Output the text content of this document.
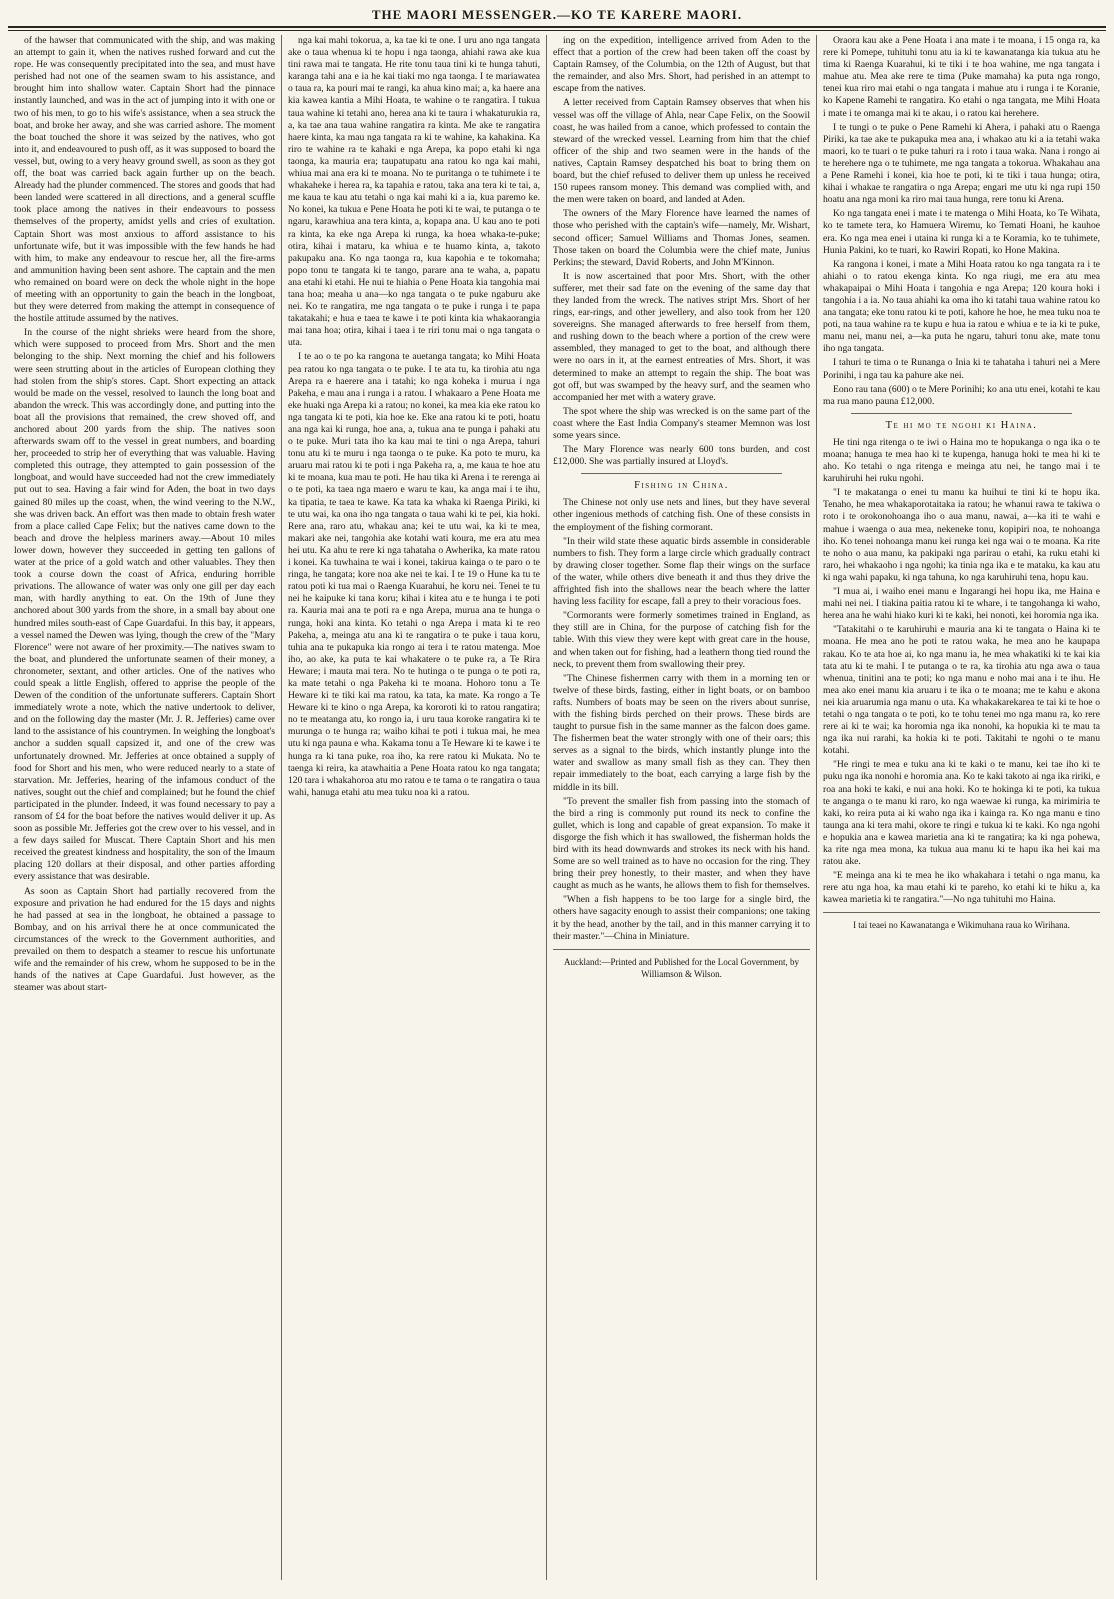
THE MAORI MESSENGER.—KO TE KARERE MAORI.

of the hawser that communicated with the ship, and was making an attempt to gain it, when the natives rushed forward and cut the rope. He was consequently precipitated into the sea, and must have perished had not one of the seamen swam to his assistance, and brought him into shallow water. Captain Short had the pinnace instantly launched, and was in the act of jumping into it with one or two of his men, to go to his wife's assistance, when a sea struck the boat, and broke her away, and she was carried ashore. The moment the boat touched the shore it was seized by the natives, who got into it, and endeavoured to push off, as it was supposed to board the vessel, but, owing to a very heavy ground swell, as soon as they got off, the boat was carried back again further up on the beach. Already had the plunder commenced. The stores and goods that had been landed were scattered in all directions, and a general scuffle took place among the natives in their endeavours to possess themselves of the property, amidst yells and cries of exultation. Captain Short was most anxious to afford assistance to his unfortunate wife, but it was impossible with the few hands he had with him, to make any endeavour to rescue her, all the fire-arms and ammunition having been sent ashore. The captain and the men who remained on board were on deck the whole night in the hope of meeting with an opportunity to gain the beach in the longboat, but they were deterred from making the attempt in consequence of the hostile attitude assumed by the natives.

In the course of the night shrieks were heard from the shore, which were supposed to proceed from Mrs. Short and the men belonging to the ship. Next morning the chief and his followers were seen strutting about in the articles of European clothing they had stolen from the ship's stores. Capt. Short expecting an attack would be made on the vessel, resolved to launch the long boat and abandon the wreck. This was accordingly done, and putting into the boat all the provisions that remained, the crew shoved off, and anchored about 200 yards from the ship. The natives soon afterwards swam off to the vessel in great numbers, and boarding her, proceeded to strip her of everything that was valuable. Having completed this outrage, they attempted to gain possession of the longboat, and would have succeeded had not the crew immediately put out to sea. Having a fair wind for Aden, the boat in two days gained 80 miles up the coast, when, the wind veering to the N.W., she was driven back. An effort was then made to obtain fresh water from a place called Cape Felix; but the natives came down to the beach and drove the helpless mariners away.—About 10 miles lower down, however they succeeded in getting ten gallons of water at the price of a gold watch and other valuables. They then took a course down the coast of Africa, enduring horrible privations. The allowance of water was only one gill per day each man, with hardly anything to eat. On the 19th of June they anchored about 300 yards from the shore, in a small bay about one hundred miles south-east of Cape Guardafui. In this bay, it appears, a vessel named the Dewen was lying, though the crew of the "Mary Florence" were not aware of her proximity.—The natives swam to the boat, and plundered the unfortunate seamen of their money, a chronometer, sextant, and other articles. One of the natives who could speak a little English, offered to apprise the people of the Dewen of the condition of the unfortunate sufferers. Captain Short immediately wrote a note, which the native undertook to deliver, and on the following day the master (Mr. J. R. Jefferies) came over land to the assistance of his countrymen. In weighing the longboat's anchor a sudden squall capsized it, and one of the crew was unfortunately drowned. Mr. Jefferies at once obtained a supply of food for Short and his men, who were reduced nearly to a state of starvation. Mr. Jefferies, hearing of the infamous conduct of the natives, sought out the chief and complained; but he found the chief participated in the plunder. Indeed, it was found necessary to pay a ransom of £4 for the boat before the natives would deliver it up. As soon as possible Mr. Jefferies got the crew over to his vessel, and in a few days sailed for Muscat. There Captain Short and his men received the greatest kindness and hospitality, the son of the Imaum placing 120 dollars at their disposal, and other parties affording every assistance that was desirable.

As soon as Captain Short had partially recovered from the exposure and privation he had endured for the 15 days and nights he had passed at sea in the longboat, he obtained a passage to Bombay, and on his arrival there he at once communicated the circumstances of the wreck to the Government authorities, and prevailed on them to despatch a steamer to rescue his unfortunate wife and the remainder of his crew, whom he supposed to be in the hands of the natives at Cape Guardafui. Just however, as the steamer was about start-

nga kai mahi tokorua, a, ka tae ki te one. I uru ano nga tangata ake o taua whenua ki te hopu i nga taonga, ahiahi rawa ake kua tini rawa mai te tangata. He rite tonu taua tini ki te hunga tahuti, karanga tahi ana e ia he kai tiaki mo nga taonga. I te mariawatea o taua ra, ka pouri mai te rangi, ka ahua kino mai; a, ka haere ana kia kawea kantia a Mihi Hoata, te wahine o te rangatira. I tukua taua wahine ki tetahi ano, herea ana ki te taura i whakaturukia ra, a, ka tae ana taua wahine rangatira ra kinta. Me ake te rangatira haere kinta, ka mau nga tangata ra ki te wahine, ka kahakina. Ka riro te wahine ra te kahaki e nga Arepa, ka popo etahi ki nga taonga, ka mauria era; taupatupatu ana ratou ko nga kai mahi, whiua mai ana era ki te moana. No te puritanga o te tuhimete i te whakaheke i herea ra, ka tapahia e ratou, taka ana tera ki te tai, a, me kaua te kau atu tetahi o nga kai mahi ki a ia, kua paremo ke. No konei, ka tukua e Pene Hoata he poti ki te wai, te putanga o te ngaru, karawhiua ana tera kinta, a, kopapa ana. U kau ano te poti ra kinta, ka eke nga Arepa ki runga, ka hoea whaka-te-puke; otira, kihai i mataru, ka whiua e te huamo kinta, a, takoto pakupaku ana. Ko nga taonga ra, kua kapohia e te tokomaha; popo tonu te tangata ki te tango, parare ana te waha, a, papatu ana etahi ki etahi. He nui te hiahia o Pene Hoata kia tangohia mai tana hoa; meaha u ana—ko nga tangata o te puke ngaburu ake nei. Ko te rangatira, me nga tangata o te puke i runga i te papa takatakahi; e hua e taea te kawe i te poti kinta kia whakaorangia mai tana hoa; otira, kihai i taea i te riri tonu mai o nga tangata o uta.

I te ao o te po ka rangona te auetanga tangata; ko Mihi Hoata pea ratou ko nga tangata o te puke. I te ata tu, ka tirohia atu nga Arepa ra e haerere ana i tatahi; ko nga koheka i murua i nga Pakeha, e mau ana i runga i a ratou. I whakaaro a Pene Hoata me eke huaki nga Arepa ki a ratou; no konei, ka mea kia eke ratou ko nga tangata ki te poti, kia hoe ke. Eke ana ratou ki te poti, hoatu ana nga kai ki runga, hoe ana, a, tukua ana te punga i pahaki atu o te puke. Muri tata iho ka kau mai te tini o nga Arepa, tahuri tonu atu ki te muru i nga taonga o te puke. Ka poto te muru, ka aruaru mai ratou ki te poti i nga Pakeha ra, a, me kaua te hoe atu ki te moana, kua mau te poti. He hau tika ki Arena i te rerenga ai o te poti, ka taea nga maero e waru te kau, ka anga mai i te ihu, ka tipatia, te taea te kawe. Ka tata ka whaka ki Raenga Piriki, ki te utu wai, ka ona iho nga tangata o taua wahi ki te pei, kia hoki. Rere ana, raro atu, whakau ana; kei te utu wai, ka ki te mea, makari ake nei, tangohia ake kotahi wati koura, me era atu mea hei utu. Ka ahu te rere ki nga tahataha o Awherika, ka mate ratou i konei. Ka tuwhaina te wai i konei, takirua kainga o te paro o te ringa, he tangata; kore noa ake nei te kai. I te 19 o Hune ka tu te ratou poti ki tua mai o Raenga Kuarahui, he koru nei. Tenei te tu nei he kaipuke ki tana koru; kihai i kitea atu e te hunga i te poti ra. Kauria mai ana te poti ra e nga Arepa, murua ana te hunga o runga, hoki ana kinta. Ko tetahi o nga Arepa i mata ki te reo Pakeha, a, meinga atu ana ki te rangatira o te puke i taua koru, tuhia ana te pukapuka kia rongo ai tera i te ratou matenga. Moe iho, ao ake, ka puta te kai whakatere o te puke ra, a Te Rira Heware; i mauta mai tera. No te hutinga o te punga o te poti ra, ka mate tetahi o nga Pakeha ki te moana. Hohoro tonu a Te Heware ki te tiki kai ma ratou, ka tata, ka mate. Ka rongo a Te Heware ki te kino o nga Arepa, ka kororoti ki to ratou rangatira; no te meatanga atu, ko rongo ia, i uru taua koroke rangatira ki te murunga o te hunga ra; waiho kihai te poti i tukua mai, he mea utu ki nga pauna e wha. Kakama tonu a Te Heware ki te kawe i te hunga ra ki tana puke, roa iho, ka rere ratou ki Mukata. No te taenga ki reira, ka atawhaitia a Pene Hoata ratou ko nga tangata; 120 tara i whakahoroa atu mo ratou e te tama o te rangatira o taua wahi, hanuga etahi atu mea tuku noa ki a ratou.

ing on the expedition, intelligence arrived from Aden to the effect that a portion of the crew had been taken off the coast by Captain Ramsey, of the Columbia, on the 12th of August, but that the remainder, and also Mrs. Short, had perished in an attempt to escape from the natives.

A letter received from Captain Ramsey observes that when his vessel was off the village of Ahla, near Cape Felix, on the Soowil coast, he was hailed from a canoe, which professed to contain the steward of the wrecked vessel. Learning from him that the chief officer of the ship and two seamen were in the hands of the natives, Captain Ramsey despatched his boat to bring them on board, but the chief refused to deliver them up unless he received 150 rupees ransom money. This demand was complied with, and the men were taken on board, and landed at Aden.

The owners of the Mary Florence have learned the names of those who perished with the captain's wife—namely, Mr. Wishart, second officer; Samuel Williams and Thomas Jones, seamen. Those taken on board the Columbia were the chief mate, Junius Perkins; the steward, David Roberts, and John M'Kinnon.

It is now ascertained that poor Mrs. Short, with the other sufferer, met their sad fate on the evening of the same day that they landed from the wreck. The natives stript Mrs. Short of her rings, ear-rings, and other jewellery, and also took from her 120 sovereigns. She managed afterwards to free herself from them, and rushing down to the beach where a portion of the crew were assembled, they managed to get to the boat, and although there were no oars in it, at the earnest entreaties of Mrs. Short, it was determined to make an attempt to regain the ship. The boat was got off, but was swamped by the heavy surf, and the seamen who accompanied her met with a watery grave.

The spot where the ship was wrecked is on the same part of the coast where the East India Company's steamer Memnon was lost some years since.

The Mary Florence was nearly 600 tons burden, and cost £12,000. She was partially insured at Lloyd's.

Fishing in China.

The Chinese not only use nets and lines, but they have several other ingenious methods of catching fish. One of these consists in the employment of the fishing cormorant.

"In their wild state these aquatic birds assemble in considerable numbers to fish. They form a large circle which gradually contract by drawing closer together. Some flap their wings on the surface of the water, while others dive beneath it and thus they drive the affrighted fish into the shallows near the beach where the latter having less facility for escape, fall a prey to their voracious foes.

"Cormorants were formerly sometimes trained in England, as they still are in China, for the purpose of catching fish for the table. With this view they were kept with great care in the house, and when taken out for fishing, had a leathern thong tied round the neck, to prevent them from swallowing their prey.

"The Chinese fishermen carry with them in a morning ten or twelve of these birds, fasting, either in light boats, or on bamboo rafts. Numbers of boats may be seen on the rivers about sunrise, with the fishing birds perched on their prows. These birds are taught to pursue fish in the same manner as the falcon does game. The fishermen beat the water strongly with one of their oars; this serves as a signal to the birds, which instantly plunge into the water and swallow as many small fish as they can. They then repair immediately to the boat, each carrying a large fish by the middle in its bill.

"To prevent the smaller fish from passing into the stomach of the bird a ring is commonly put round its neck to confine the gullet, which is long and capable of great expansion. To make it disgorge the fish which it has swallowed, the fisherman holds the bird with its head downwards and strokes its neck with his hand. Some are so well trained as to have no occasion for the ring. They bring their prey honestly, to their master, and when they have caught as much as he wants, he allows them to fish for themselves.

"When a fish happens to be too large for a single bird, the others have sagacity enough to assist their companions; one taking it by the head, another by the tail, and in this manner carrying it to their master."—China in Miniature.

Auckland:—Printed and Published for the Local Government, by Williamson & Wilson.

Oraora kau ake a Pene Hoata i ana mate i te moana, i 15 onga ra, ka rere ki Pomepe, tuhituhi tonu atu ia ki te kawanatanga kia tukua atu he tima ki Raenga Kuarahui, ki te tiki i te hoa wahine, me nga tangata i mahue atu. Mea ake rere te tima (Puke mamaha) ka puta nga rongo, tenei kua riro mai etahi o nga tangata i mahue atu i runga i te Koranie, ko Kapene Ramehi te rangatira. Ko etahi o nga tangata, me Mihi Hoata i mate i te omanga mai ki te akau, i o ratou kai herehere.

I te tungi o te puke o Pene Ramehi ki Ahera, i pahaki atu o Raenga Piriki, ka tae ake te pukapuka mea ana, i whakao atu ki a ia tetahi waka maori, ko te tuari o te puke tahuri ra i roto i taua waka. Nana i rongo ai te herehere nga o te tuhimete, me nga tangata a tokorua. Whakahau ana a Pene Ramehi i konei, kia hoe te poti, ki te tiki i taua hunga; otira, kihai i whakae te rangatira o nga Arepa; engari me utu ki nga rupi 150 hoatu ana nga moni ka riro mai taua hunga, rere tonu ki Arena.

Ko nga tangata enei i mate i te matenga o Mihi Hoata, ko Te Wihata, ko te tamete tera, ko Hamuera Wiremu, ko Temati Hoani, he kauhoe era. Ko nga mea enei i utaina ki runga ki a te Koramia, ko te tuhimete, Hunia Pakini, ko te tuari, ko Rawiri Ropati, ko Hone Makina.

Ka rangona i konei, i mate a Mihi Hoata ratou ko nga tangata ra i te ahiahi o to ratou ekenga kinta. Ko nga riugi, me era atu mea whakapaipai o Mihi Hoata i tangohia e nga Arepa; 120 koura hoki i tangohia i a ia. No taua ahiahi ka oma iho ki tatahi taua wahine ratou ko ana tangata; eke tonu ratou ki te poti, kahore he hoe, he mea tuku noa te poti, na taua wahine ra te kupu e hua ia ratou e whiua e te ia ki te puke, manu nei, manu nei, a—ka puta he ngaru, tahuri tonu ake, mate tonu iho nga tangata.

I tahuri te tima o te Runanga o Inia ki te tahataha i tahuri nei a Mere Porinihi, i nga tau ka pahure ake nei.

Eono rau tana (600) o te Mere Porinihi; ko ana utu enei, kotahi te kau ma rua mano pauna £12,000.

Te hi mo te ngohi ki Haina.

He tini nga ritenga o te iwi o Haina mo te hopukanga o nga ika o te moana; hanuga te mea hao ki te kupenga, hanuga hoki te mea hi ki te aho. Ko tetahi o nga ritenga e meinga atu nei, he tango mai i te karuhiruhi hei ruku ngohi.

"I te makatanga o enei tu manu ka huihui te tini ki te hopu ika. Tenaho, he mea whakaporotaitaka ia ratou; he whanui rawa te takiwa o roto i te orokonohoanga iho o aua manu, nawai, a—ka iti te wahi e mahue i waenga o aua mea, nekeneke tonu, kopipiri noa, te nohoanga iho. Ko tenei nohoanga manu kei runga kei nga wai o te moana. Ka rite te noho o aua manu, ka pakipaki nga parirau o etahi, ka ruku etahi ki raro, hei whakaoho i nga ngohi; ka tinia nga ika e te mataku, ka kau atu ki nga wahi papaku, ki nga tahuna, ko nga karuhiruhi tena, hopu kau.

"I mua ai, i waiho enei manu e Ingarangi hei hopu ika, me Haina e mahi nei nei. I tiakina paitia ratou ki te whare, i te tangohanga ki waho, herea ana he wahi hiako kuri ki te kaki, hei nonoti, kei horomia nga ika.

"Tatakitahi o te karuhiruhi e mauria ana ki te tangata o Haina ki te moana. He mea ano he poti te ratou waka, he mea ano he kaupapa rakau. Ko te ata hoe ai, ko nga manu ia, he mea whakatiki ki te kai kia tata atu ki te mahi. I te putanga o te ra, ka tirohia atu nga awa o taua whenua, tinitini ana te poti; ko nga manu e noho mai ana i te ihu. He mea ako enei manu kia aruaru i te ika o te moana; me te kahu e akona nei kia aruarumia nga manu o uta. Ka whakakarekarea te tai ki te hoe o tetahi o nga tangata o te poti, ko te tohu tenei mo nga manu ra, ko rere rere ai ki te wai; ka horomia nga ika nonohi, ka hopukia ki te mau ta nga ika nui rarahi, ka hokia ki te poti. Takitahi te ngohi o te manu kotahi.

"He ringi te mea e tuku ana ki te kaki o te manu, kei tae iho ki te puku nga ika nonohi e horomia ana. Ko te kaki takoto ai nga ika ririki, e roa ana hoki te kaki, e nui ana hoki. Ko te hokinga ki te poti, ka tukua te anganga o te manu ki raro, ko nga waewae ki runga, ka mirimiria te kaki, ko reira puta ai ki waho nga ika i kainga ra. Ko nga manu e tino taunga ana ki tera mahi, okore te ringi e tukua ki te kaki. Ko nga ngohi e hopukia ana e kawea marietia ana ki te rangatira; ka ki nga pohewa, ka rite nga mea mona, ka tukua aua manu ki te hapu ika hei kai ma ratou ake.

"E meinga ana ki te mea he iko whakahara i tetahi o nga manu, ka rere atu nga hoa, ka mau etahi ki te pareho, ko etahi ki te hiku a, ka kawea marietia ki te rangatira."—No nga tuhituhi mo Haina.

I tai teaei no Kawanatanga e Wikimuhana raua ko Wirihana.
